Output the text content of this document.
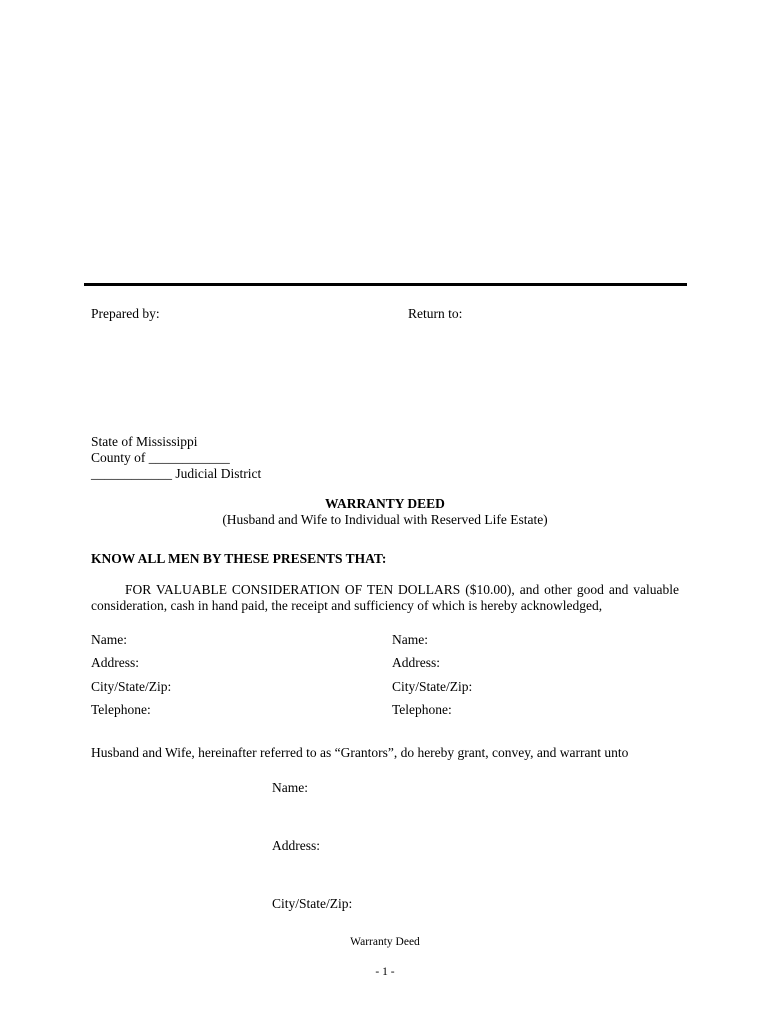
Prepared by:	Return to:
State of Mississippi
County of ____________
____________ Judicial District
WARRANTY DEED
(Husband and Wife to Individual with Reserved Life Estate)
KNOW ALL MEN BY THESE PRESENTS THAT:
FOR VALUABLE CONSIDERATION OF TEN DOLLARS ($10.00), and other good and valuable consideration, cash in hand paid, the receipt and sufficiency of which is hereby acknowledged,
Name:
Address:
City/State/Zip:
Telephone:
Name:
Address:
City/State/Zip:
Telephone:
Husband and Wife, hereinafter referred to as “Grantors”, do hereby grant, convey, and warrant unto
Name:
Address:
City/State/Zip:
Warranty Deed
- 1 -
